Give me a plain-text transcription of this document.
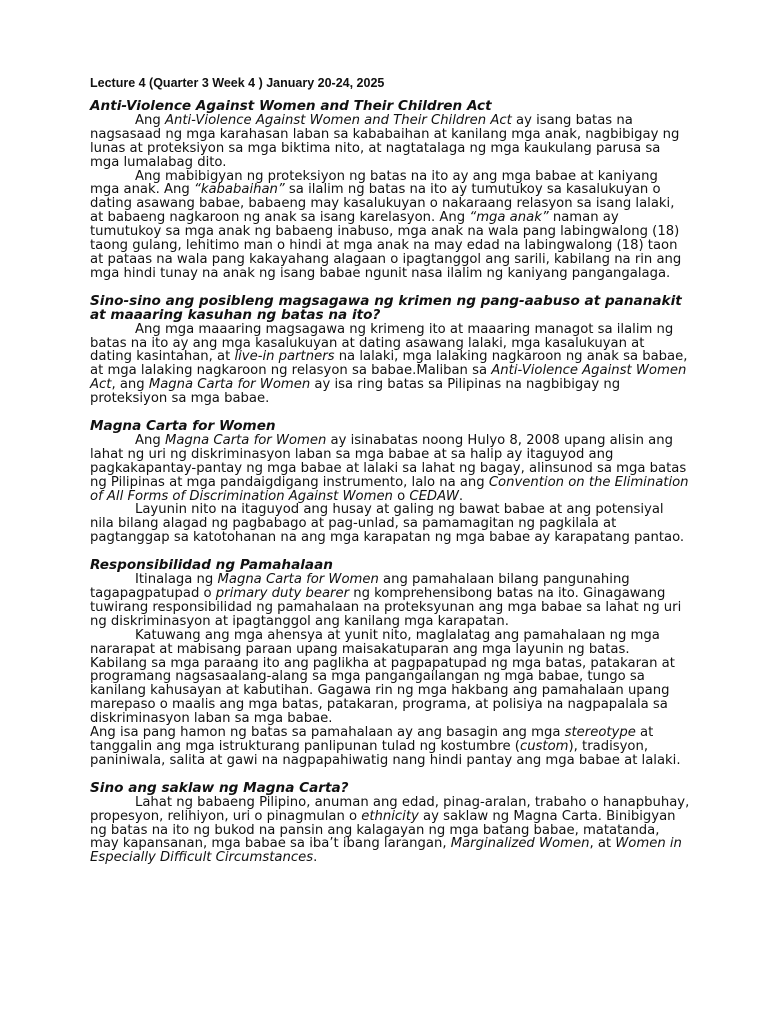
Lecture 4 (Quarter 3 Week 4 ) January 20-24, 2025

Anti-Violence Against Women and Their Children Act

Ang Anti-Violence Against Women and Their Children Act ay isang batas na nagsasaad ng mga karahasan laban sa kababaihan at kanilang mga anak, nagbibigay ng lunas at proteksiyon sa mga biktima nito, at nagtatalaga ng mga kaukulang parusa sa mga lumalabag dito.

Ang mabibigyan ng proteksiyon ng batas na ito ay ang mga babae at kaniyang mga anak. Ang “kababaihan” sa ilalim ng batas na ito ay tumutukoy sa kasalukuyan o dating asawang babae, babaeng may kasalukuyan o nakaraang relasyon sa isang lalaki, at babaeng nagkaroon ng anak sa isang karelasyon. Ang “mga anak” naman ay tumutukoy sa mga anak ng babaeng inabuso, mga anak na wala pang labingwalong (18) taong gulang, lehitimo man o hindi at mga anak na may edad na labingwalong (18) taon at pataas na wala pang kakayahang alagaan o ipagtanggol ang sarili, kabilang na rin ang mga hindi tunay na anak ng isang babae ngunit nasa ilalim ng kaniyang pangangalaga.

Sino-sino ang posibleng magsagawa ng krimen ng pang-aabuso at pananakit at maaaring kasuhan ng batas na ito?

Ang mga maaaring magsagawa ng krimeng ito at maaaring managot sa ilalim ng batas na ito ay ang mga kasalukuyan at dating asawang lalaki, mga kasalukuyan at dating kasintahan, at live-in partners na lalaki, mga lalaking nagkaroon ng anak sa babae, at mga lalaking nagkaroon ng relasyon sa babae.Maliban sa Anti-Violence Against Women Act, ang Magna Carta for Women ay isa ring batas sa Pilipinas na nagbibigay ng proteksiyon sa mga babae.

Magna Carta for Women

Ang Magna Carta for Women ay isinabatas noong Hulyo 8, 2008 upang alisin ang lahat ng uri ng diskriminasyon laban sa mga babae at sa halip ay itaguyod ang pagkakapantay-pantay ng mga babae at lalaki sa lahat ng bagay, alinsunod sa mga batas ng Pilipinas at mga pandaigdigang instrumento, lalo na ang Convention on the Elimination of All Forms of Discrimination Against Women o CEDAW.

Layunin nito na itaguyod ang husay at galing ng bawat babae at ang potensiyal nila bilang alagad ng pagbabago at pag-unlad, sa pamamagitan ng pagkilala at pagtanggap sa katotohanan na ang mga karapatan ng mga babae ay karapatang pantao.

Responsibilidad ng Pamahalaan

Itinalaga ng Magna Carta for Women ang pamahalaan bilang pangunahing tagapagpatupad o primary duty bearer ng komprehensibong batas na ito. Ginagawang tuwirang responsibilidad ng pamahalaan na proteksyunan ang mga babae sa lahat ng uri ng diskriminasyon at ipagtanggol ang kanilang mga karapatan.

Katuwang ang mga ahensya at yunit nito, maglalatag ang pamahalaan ng mga nararapat at mabisang paraan upang maisakatuparan ang mga layunin ng batas. Kabilang sa mga paraang ito ang paglikha at pagpapatupad ng mga batas, patakaran at programang nagsasaalang-alang sa mga pangangailangan ng mga babae, tungo sa kanilang kahusayan at kabutihan. Gagawa rin ng mga hakbang ang pamahalaan upang marepaso o maalis ang mga batas, patakaran, programa, at polisiya na nagpapalala sa diskriminasyon laban sa mga babae.

Ang isa pang hamon ng batas sa pamahalaan ay ang basagin ang mga stereotype at tanggalin ang mga istrukturang panlipunan tulad ng kostumbre (custom), tradisyon, paniniwala, salita at gawi na nagpapahiwatig nang hindi pantay ang mga babae at lalaki.

Sino ang saklaw ng Magna Carta?

Lahat ng babaeng Pilipino, anuman ang edad, pinag-aralan, trabaho o hanapbuhay, propesyon, relihiyon, uri o pinagmulan o ethnicity ay saklaw ng Magna Carta. Binibigyan ng batas na ito ng bukod na pansin ang kalagayan ng mga batang babae, matatanda, may kapansanan, mga babae sa iba’t ibang larangan, Marginalized Women, at Women in Especially Difficult Circumstances.
